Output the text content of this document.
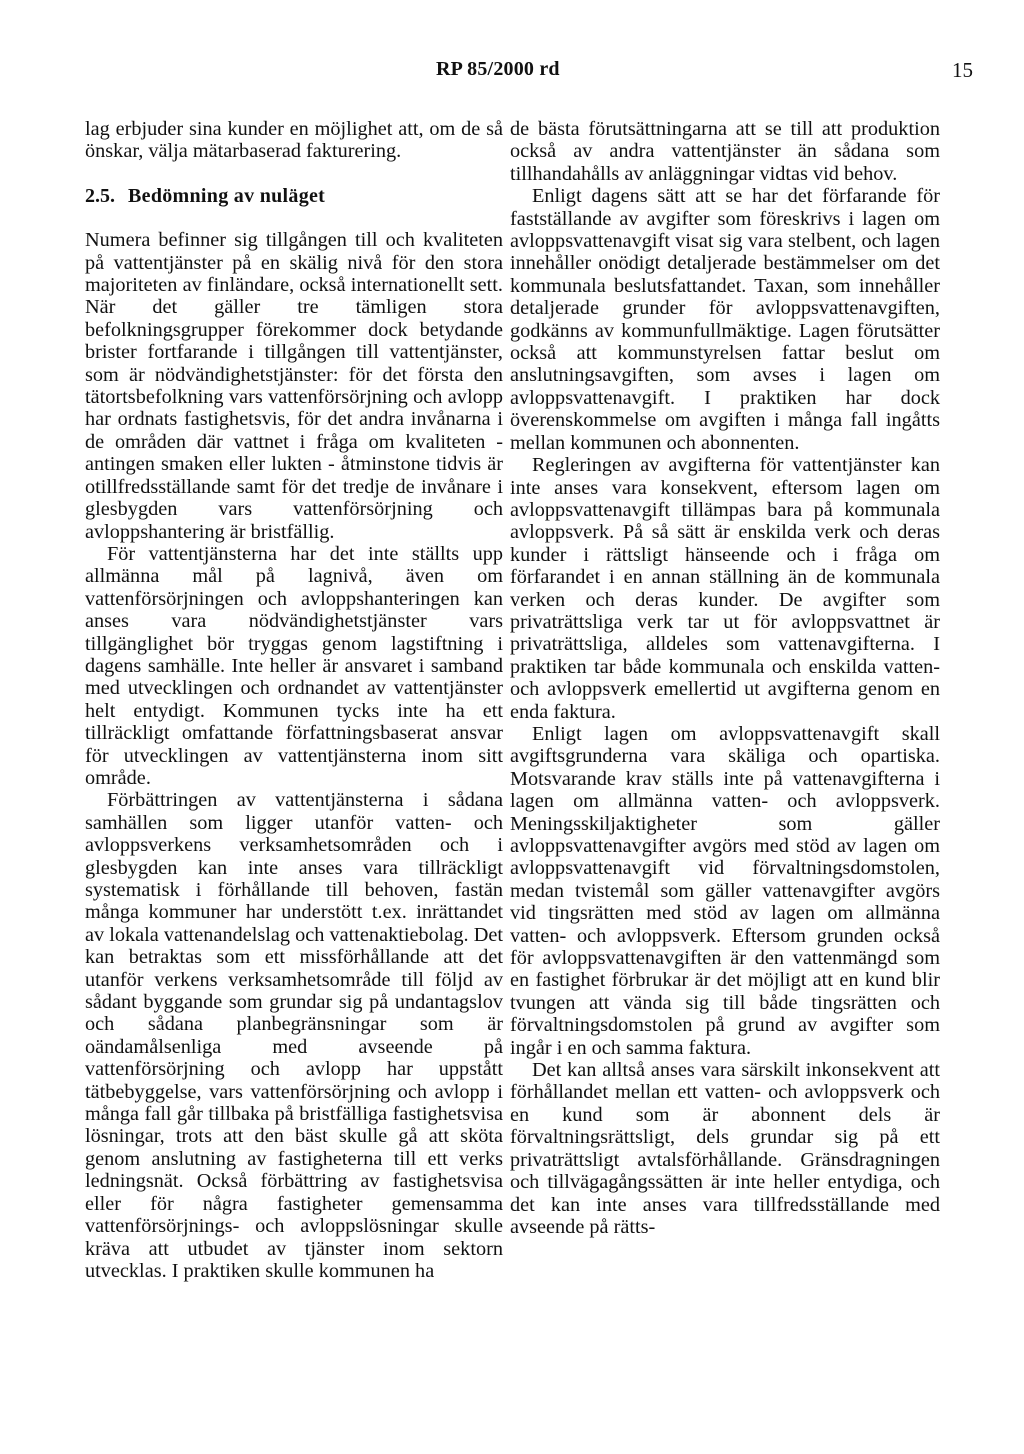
RP 85/2000 rd	15

lag erbjuder sina kunder en möjlighet att, om de så önskar, välja mätarbaserad fakturering.

2.5. Bedömning av nuläget

Numera befinner sig tillgången till och kvaliteten på vattentjänster på en skälig nivå för den stora majoriteten av finländare, också internationellt sett. När det gäller tre tämligen stora befolkningsgrupper förekommer dock betydande brister fortfarande i tillgången till vattentjänster, som är nödvändighetstjänster: för det första den tätortsbefolkning vars vattenförsörjning och avlopp har ordnats fastighetsvis, för det andra invånarna i de områden där vattnet i fråga om kvaliteten - antingen smaken eller lukten - åtminstone tidvis är otillfredsställande samt för det tredje de invånare i glesbygden vars vattenförsörjning och avloppshantering är bristfällig.

För vattentjänsterna har det inte ställts upp allmänna mål på lagnivå, även om vattenförsörjningen och avloppshanteringen kan anses vara nödvändighetstjänster vars tillgänglighet bör tryggas genom lagstiftning i dagens samhälle. Inte heller är ansvaret i samband med utvecklingen och ordnandet av vattentjänster helt entydigt. Kommunen tycks inte ha ett tillräckligt omfattande författningsbaserat ansvar för utvecklingen av vattentjänsterna inom sitt område.

Förbättringen av vattentjänsterna i sådana samhällen som ligger utanför vatten- och avloppsverkens verksamhetsområden och i glesbygden kan inte anses vara tillräckligt systematisk i förhållande till behoven, fastän många kommuner har understött t.ex. inrättandet av lokala vattenandelslag och vattenaktiebolag. Det kan betraktas som ett missförhållande att det utanför verkens verksamhetsområde till följd av sådant byggande som grundar sig på undantagslov och sådana planbegränsningar som är oändamålsenliga med avseende på vattenförsörjning och avlopp har uppstått tätbebyggelse, vars vattenförsörjning och avlopp i många fall går tillbaka på bristfälliga fastighetsvisa lösningar, trots att den bäst skulle gå att sköta genom anslutning av fastigheterna till ett verks ledningsnät. Också förbättring av fastighetsvisa eller för några fastigheter gemensamma vattenförsörjnings- och avloppslösningar skulle kräva att utbudet av tjänster inom sektorn utvecklas. I praktiken skulle kommunen ha

de bästa förutsättningarna att se till att produktion också av andra vattentjänster än sådana som tillhandahålls av anläggningar vidtas vid behov.

Enligt dagens sätt att se har det förfarande för fastställande av avgifter som föreskrivs i lagen om avloppsvattenavgift visat sig vara stelbent, och lagen innehåller onödigt detaljerade bestämmelser om det kommunala beslutsfattandet. Taxan, som innehåller detaljerade grunder för avloppsvattenavgiften, godkänns av kommunfullmäktige. Lagen förutsätter också att kommunstyrelsen fattar beslut om anslutningsavgiften, som avses i lagen om avloppsvattenavgift. I praktiken har dock överenskommelse om avgiften i många fall ingåtts mellan kommunen och abonnenten.

Regleringen av avgifterna för vattentjänster kan inte anses vara konsekvent, eftersom lagen om avloppsvattenavgift tillämpas bara på kommunala avloppsverk. På så sätt är enskilda verk och deras kunder i rättsligt hänseende och i fråga om förfarandet i en annan ställning än de kommunala verken och deras kunder. De avgifter som privaträttsliga verk tar ut för avloppsvattnet är privaträttsliga, alldeles som vattenavgifterna. I praktiken tar både kommunala och enskilda vatten- och avloppsverk emellertid ut avgifterna genom en enda faktura.

Enligt lagen om avloppsvattenavgift skall avgiftsgrunderna vara skäliga och opartiska. Motsvarande krav ställs inte på vattenavgifterna i lagen om allmänna vatten- och avloppsverk. Meningsskiljaktigheter som gäller avloppsvattenavgifter avgörs med stöd av lagen om avloppsvattenavgift vid förvaltningsdomstolen, medan tvistemål som gäller vattenavgifter avgörs vid tingsrätten med stöd av lagen om allmänna vatten- och avloppsverk. Eftersom grunden också för avloppsvattenavgiften är den vattenmängd som en fastighet förbrukar är det möjligt att en kund blir tvungen att vända sig till både tingsrätten och förvaltningsdomstolen på grund av avgifter som ingår i en och samma faktura.

Det kan alltså anses vara särskilt inkonsekvent att förhållandet mellan ett vatten- och avloppsverk och en kund som är abonnent dels är förvaltningsrättsligt, dels grundar sig på ett privaträttsligt avtalsförhållande. Gränsdragningen och tillvägagångssätten är inte heller entydiga, och det kan inte anses vara tillfredsställande med avseende på rätts-
